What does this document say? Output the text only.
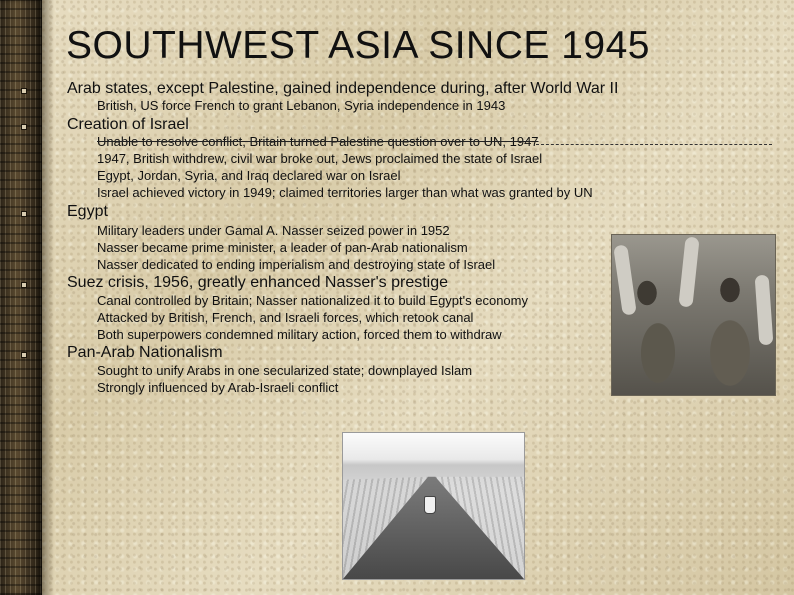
SOUTHWEST ASIA SINCE 1945
Arab states, except Palestine, gained independence during, after World War II
British, US force French to grant Lebanon, Syria independence in 1943
Creation of Israel
Unable to resolve conflict, Britain turned Palestine question over to UN, 1947
1947, British withdrew, civil war broke out, Jews proclaimed the state of Israel
Egypt, Jordan, Syria, and Iraq declared war on Israel
Israel achieved victory in 1949; claimed territories larger than what was granted by UN
Egypt
Military leaders under Gamal A. Nasser seized power in 1952
Nasser became prime minister, a leader of pan-Arab nationalism
Nasser dedicated to ending imperialism and destroying state of Israel
Suez crisis, 1956, greatly enhanced Nasser's prestige
Canal controlled by Britain; Nasser nationalized it to build Egypt's economy
Attacked by British, French, and Israeli forces, which retook canal
Both superpowers condemned military action, forced them to withdraw
Pan-Arab Nationalism
Sought to unify Arabs in one secularized state; downplayed Islam
Strongly influenced by Arab-Israeli conflict
